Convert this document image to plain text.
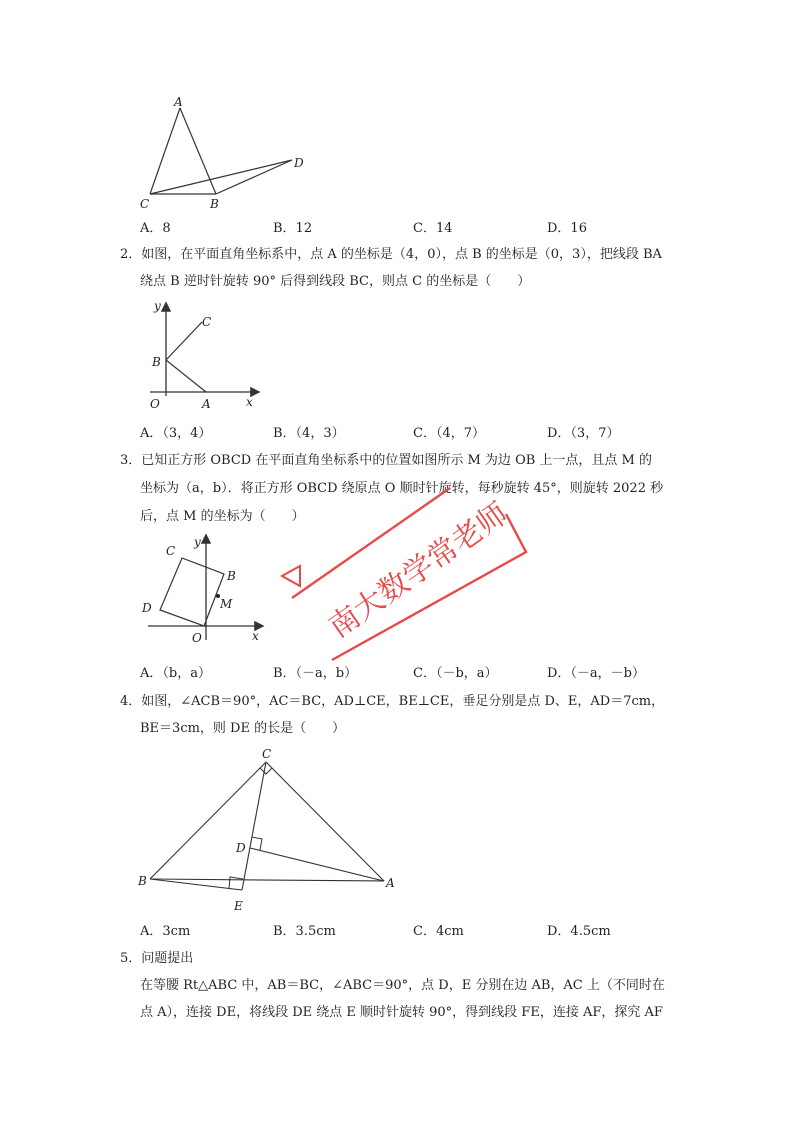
A
C	B
D
A．8	B．12	C．14	D．16
2．如图，在平面直角坐标系中，点 A 的坐标是（4，0），点 B 的坐标是（0，3），把线段 BA
绕点 B 逆时针旋转 90° 后得到线段 BC，则点 C 的坐标是（　　）
y
C
B
O	A	x
A．（3，4）	B．（4，3）	C．（4，7）	D．（3，7）
3．已知正方形 OBCD 在平面直角坐标系中的位置如图所示 M 为边 OB 上一点，且点 M 的
坐标为（a，b）．将正方形 OBCD 绕原点 O 顺时针旋转，每秒旋转 45°，则旋转 2022 秒
后，点 M 的坐标为（　　）
y
C
B
M
D
O	x 南大数学常老师
A．（b，a）	B．（－a，b）	C．（－b，a）	D．（－a，－b）
4．如图，∠ACB＝90°，AC＝BC，AD⊥CE，BE⊥CE，垂足分别是点 D、E，AD＝7cm，
BE＝3cm，则 DE 的长是（　　）
C
D
B	A
E
A．3cm	B．3.5cm	C．4cm	D．4.5cm
5．问题提出
在等腰 Rt△ABC 中，AB＝BC，∠ABC＝90°，点 D，E 分别在边 AB，AC 上（不同时在
点 A），连接 DE，将线段 DE 绕点 E 顺时针旋转 90°，得到线段 FE，连接 AF，探究 AF
